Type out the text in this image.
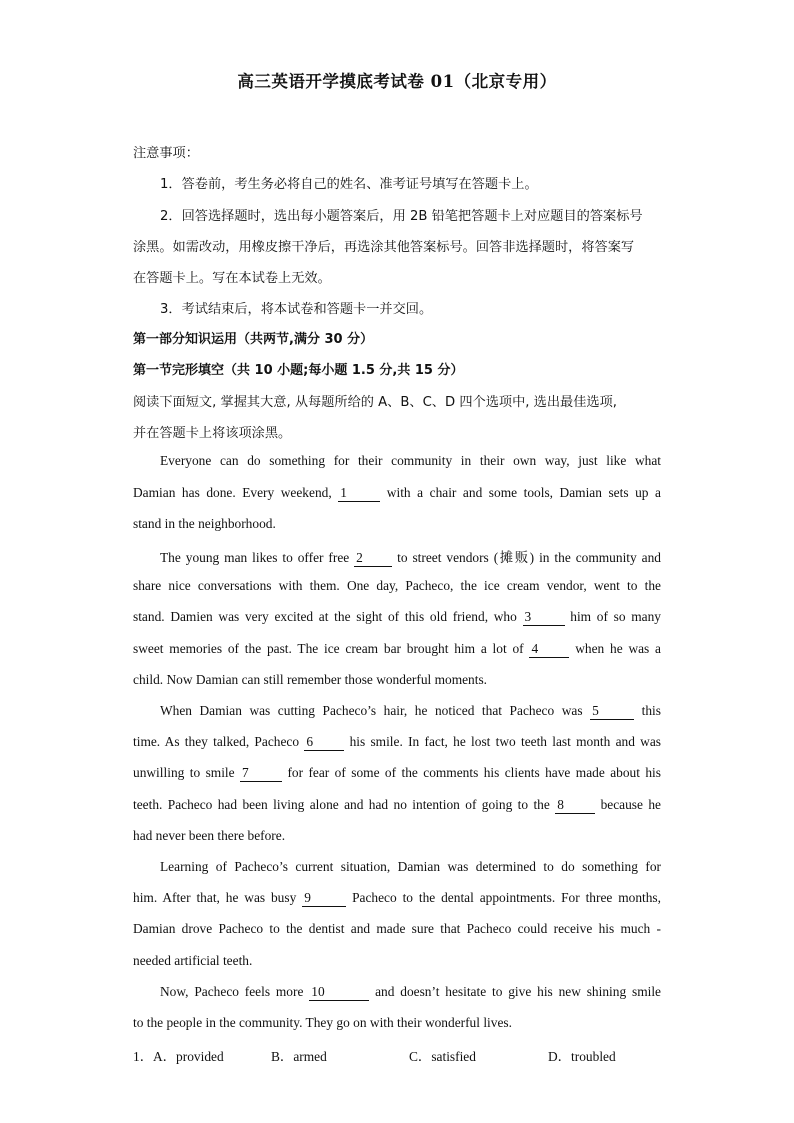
高三英语开学摸底考试卷 01（北京专用）
注意事项：
1．答卷前，考生务必将自己的姓名、准考证号填写在答题卡上。
2．回答选择题时，选出每小题答案后，用 2B 铅笔把答题卡上对应题目的答案标号
涂黑。如需改动，用橡皮擦干净后，再选涂其他答案标号。回答非选择题时，将答案写
在答题卡上。写在本试卷上无效。
3．考试结束后，将本试卷和答题卡一并交回。
第一部分知识运用（共两节,满分 30 分）
第一节完形填空（共 10 小题;每小题 1.5 分,共 15 分）
阅读下面短文, 掌握其大意, 从每题所给的 A、B、C、D 四个选项中, 选出最佳选项,
并在答题卡上将该项涂黑。
Everyone can do something for their community in their own way, just like what
Damian has done. Every weekend, 1	with a chair and some tools, Damian sets up a
stand in the neighborhood.
The young man likes to offer free 2	to street vendors (摊贩) in the community and
share nice conversations with them. One day, Pacheco, the ice cream vendor, went to the
stand. Damien was very excited at the sight of this old friend, who 3	him of so many
sweet memories of the past. The ice cream bar brought him a lot of 4	when he was a
child. Now Damian can still remember those wonderful moments.
When Damian was cutting Pacheco’s hair, he noticed that Pacheco was 5	this
time. As they talked, Pacheco 6	his smile. In fact, he lost two teeth last month and was
unwilling to smile 7	for fear of some of the comments his clients have made about his
teeth. Pacheco had been living alone and had no intention of going to the 8	because he
had never been there before.
Learning of Pacheco’s current situation, Damian was determined to do something for
him. After that, he was busy 9	Pacheco to the dental appointments. For three months,
Damian drove Pacheco to the dentist and made sure that Pacheco could receive his much -
needed artificial teeth.
Now, Pacheco feels more 10	and doesn’t hesitate to give his new shining smile
to the people in the community. They go on with their wonderful lives.
1． A．provided	B．armed	C．satisfied	D．troubled
